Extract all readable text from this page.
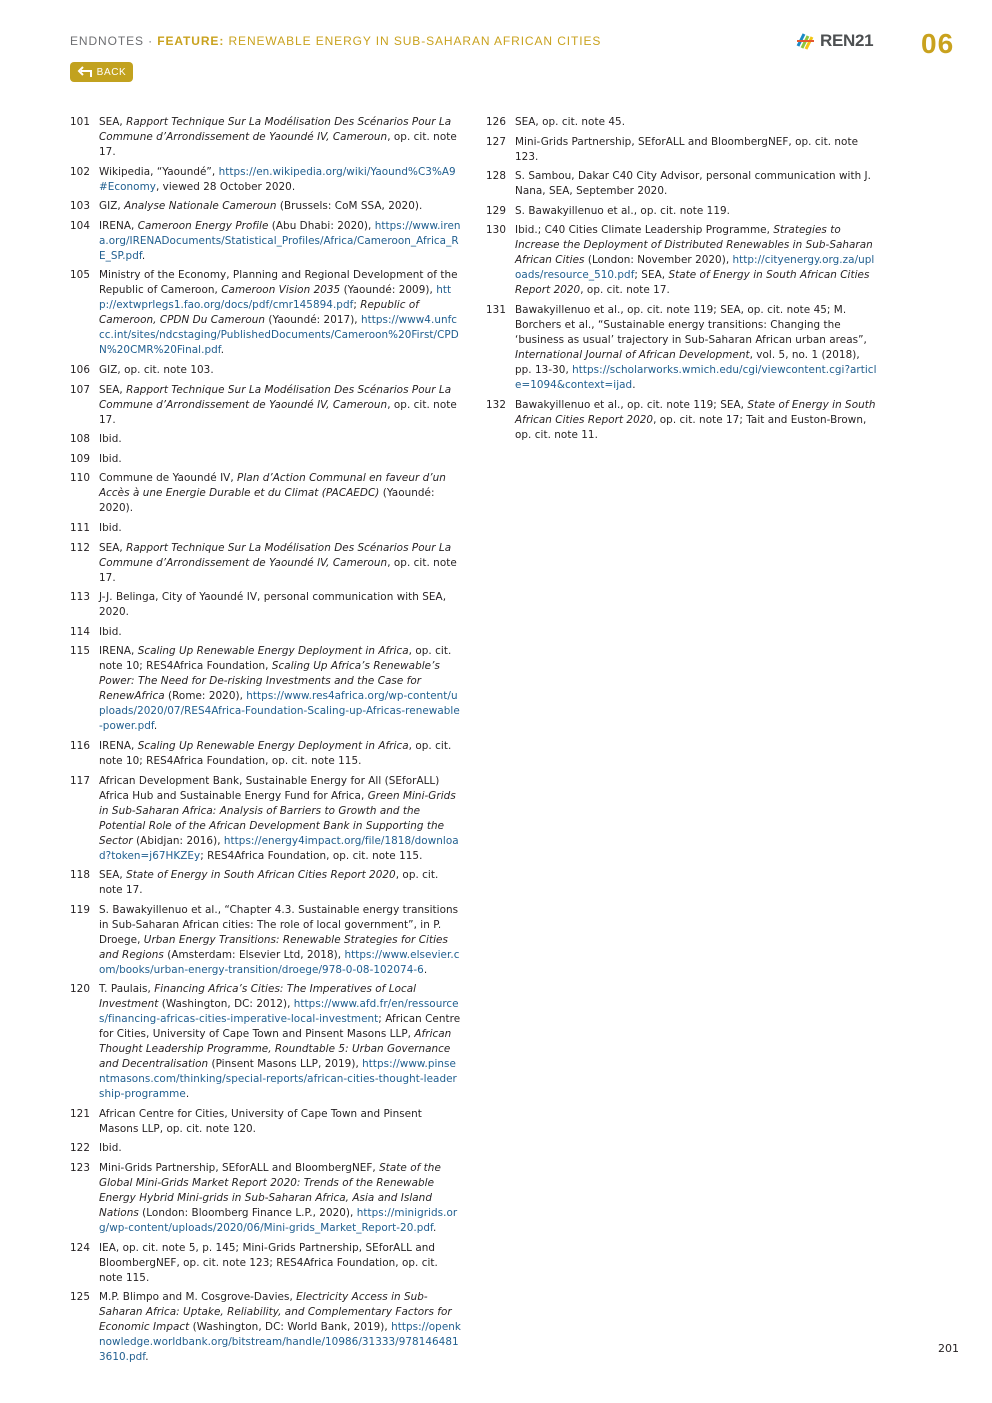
ENDNOTES · FEATURE: RENEWABLE ENERGY IN SUB-SAHARAN AFRICAN CITIES
BACK
REN21 06
101 SEA, Rapport Technique Sur La Modélisation Des Scénarios Pour La Commune d’Arrondissement de Yaoundé IV, Cameroun, op. cit. note 17.
102 Wikipedia, “Yaoundé”, https://en.wikipedia.org/wiki/Yaound%C3%A9#Economy, viewed 28 October 2020.
103 GIZ, Analyse Nationale Cameroun (Brussels: CoM SSA, 2020).
104 IRENA, Cameroon Energy Profile (Abu Dhabi: 2020), https://www.irena.org/IRENADocuments/Statistical_Profiles/Africa/Cameroon_Africa_RE_SP.pdf.
105 Ministry of the Economy, Planning and Regional Development of the Republic of Cameroon, Cameroon Vision 2035 (Yaoundé: 2009), http://extwprlegs1.fao.org/docs/pdf/cmr145894.pdf; Republic of Cameroon, CPDN Du Cameroun (Yaoundé: 2017), https://www4.unfccc.int/sites/ndcstaging/PublishedDocuments/Cameroon%20First/CPDN%20CMR%20Final.pdf.
106 GIZ, op. cit. note 103.
107 SEA, Rapport Technique Sur La Modélisation Des Scénarios Pour La Commune d’Arrondissement de Yaoundé IV, Cameroun, op. cit. note 17.
108 Ibid.
109 Ibid.
110 Commune de Yaoundé IV, Plan d’Action Communal en faveur d’un Accès à une Energie Durable et du Climat (PACAEDC) (Yaoundé: 2020).
111 Ibid.
112 SEA, Rapport Technique Sur La Modélisation Des Scénarios Pour La Commune d’Arrondissement de Yaoundé IV, Cameroun, op. cit. note 17.
113 J-J. Belinga, City of Yaoundé IV, personal communication with SEA, 2020.
114 Ibid.
115 IRENA, Scaling Up Renewable Energy Deployment in Africa, op. cit. note 10; RES4Africa Foundation, Scaling Up Africa’s Renewable’s Power: The Need for De-risking Investments and the Case for RenewAfrica (Rome: 2020), https://www.res4africa.org/wp-content/uploads/2020/07/RES4Africa-Foundation-Scaling-up-Africas-renewable-power.pdf.
116 IRENA, Scaling Up Renewable Energy Deployment in Africa, op. cit. note 10; RES4Africa Foundation, op. cit. note 115.
117 African Development Bank, Sustainable Energy for All (SEforALL) Africa Hub and Sustainable Energy Fund for Africa, Green Mini-Grids in Sub-Saharan Africa: Analysis of Barriers to Growth and the Potential Role of the African Development Bank in Supporting the Sector (Abidjan: 2016), https://energy4impact.org/file/1818/download?token=j67HKZEy; RES4Africa Foundation, op. cit. note 115.
118 SEA, State of Energy in South African Cities Report 2020, op. cit. note 17.
119 S. Bawakyillenuo et al., “Chapter 4.3. Sustainable energy transitions in Sub-Saharan African cities: The role of local government”, in P. Droege, Urban Energy Transitions: Renewable Strategies for Cities and Regions (Amsterdam: Elsevier Ltd, 2018), https://www.elsevier.com/books/urban-energy-transition/droege/978-0-08-102074-6.
120 T. Paulais, Financing Africa’s Cities: The Imperatives of Local Investment (Washington, DC: 2012), https://www.afd.fr/en/ressources/financing-africas-cities-imperative-local-investment; African Centre for Cities, University of Cape Town and Pinsent Masons LLP, African Thought Leadership Programme, Roundtable 5: Urban Governance and Decentralisation (Pinsent Masons LLP, 2019), https://www.pinsentmasons.com/thinking/special-reports/african-cities-thought-leadership-programme.
121 African Centre for Cities, University of Cape Town and Pinsent Masons LLP, op. cit. note 120.
122 Ibid.
123 Mini-Grids Partnership, SEforALL and BloombergNEF, State of the Global Mini-Grids Market Report 2020: Trends of the Renewable Energy Hybrid Mini-grids in Sub-Saharan Africa, Asia and Island Nations (London: Bloomberg Finance L.P., 2020), https://minigrids.org/wp-content/uploads/2020/06/Mini-grids_Market_Report-20.pdf.
124 IEA, op. cit. note 5, p. 145; Mini-Grids Partnership, SEforALL and BloombergNEF, op. cit. note 123; RES4Africa Foundation, op. cit. note 115.
125 M.P. Blimpo and M. Cosgrove-Davies, Electricity Access in Sub-Saharan Africa: Uptake, Reliability, and Complementary Factors for Economic Impact (Washington, DC: World Bank, 2019), https://openknowledge.worldbank.org/bitstream/handle/10986/31333/9781464813610.pdf.
126 SEA, op. cit. note 45.
127 Mini-Grids Partnership, SEforALL and BloombergNEF, op. cit. note 123.
128 S. Sambou, Dakar C40 City Advisor, personal communication with J. Nana, SEA, September 2020.
129 S. Bawakyillenuo et al., op. cit. note 119.
130 Ibid.; C40 Cities Climate Leadership Programme, Strategies to Increase the Deployment of Distributed Renewables in Sub-Saharan African Cities (London: November 2020), http://cityenergy.org.za/uploads/resource_510.pdf; SEA, State of Energy in South African Cities Report 2020, op. cit. note 17.
131 Bawakyillenuo et al., op. cit. note 119; SEA, op. cit. note 45; M. Borchers et al., “Sustainable energy transitions: Changing the ‘business as usual’ trajectory in Sub-Saharan African urban areas”, International Journal of African Development, vol. 5, no. 1 (2018), pp. 13-30, https://scholarworks.wmich.edu/cgi/viewcontent.cgi?article=1094&context=ijad.
132 Bawakyillenuo et al., op. cit. note 119; SEA, State of Energy in South African Cities Report 2020, op. cit. note 17; Tait and Euston-Brown, op. cit. note 11.
201
